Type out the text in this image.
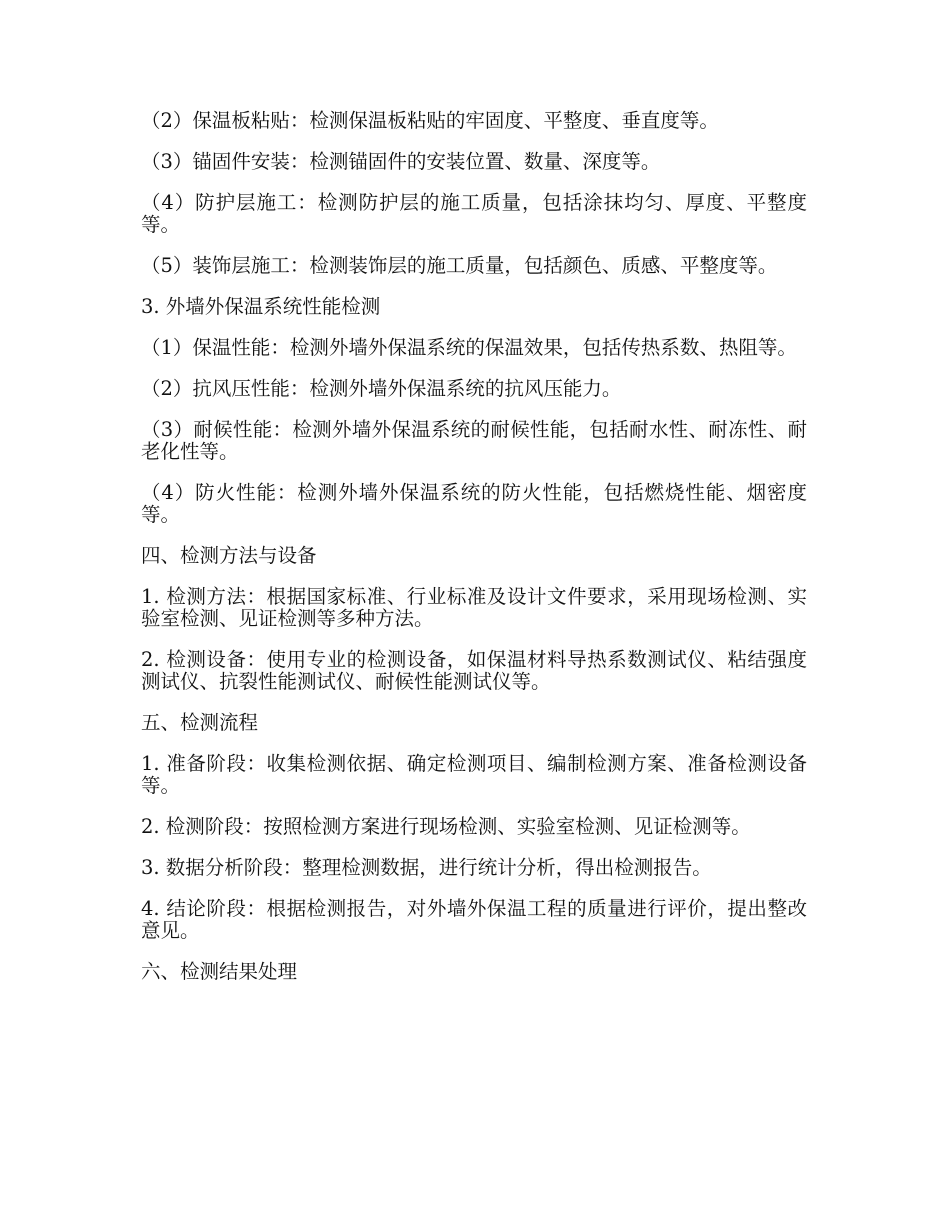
（2）保温板粘贴：检测保温板粘贴的牢固度、平整度、垂直度等。

（3）锚固件安装：检测锚固件的安装位置、数量、深度等。

（4）防护层施工：检测防护层的施工质量，包括涂抹均匀、厚度、平整度等。

（5）装饰层施工：检测装饰层的施工质量，包括颜色、质感、平整度等。

3. 外墙外保温系统性能检测

（1）保温性能：检测外墙外保温系统的保温效果，包括传热系数、热阻等。

（2）抗风压性能：检测外墙外保温系统的抗风压能力。

（3）耐候性能：检测外墙外保温系统的耐候性能，包括耐水性、耐冻性、耐老化性等。

（4）防火性能：检测外墙外保温系统的防火性能，包括燃烧性能、烟密度等。

四、检测方法与设备

1. 检测方法：根据国家标准、行业标准及设计文件要求，采用现场检测、实验室检测、见证检测等多种方法。

2. 检测设备：使用专业的检测设备，如保温材料导热系数测试仪、粘结强度测试仪、抗裂性能测试仪、耐候性能测试仪等。

五、检测流程

1. 准备阶段：收集检测依据、确定检测项目、编制检测方案、准备检测设备等。

2. 检测阶段：按照检测方案进行现场检测、实验室检测、见证检测等。

3. 数据分析阶段：整理检测数据，进行统计分析，得出检测报告。

4. 结论阶段：根据检测报告，对外墙外保温工程的质量进行评价，提出整改意见。

六、检测结果处理
